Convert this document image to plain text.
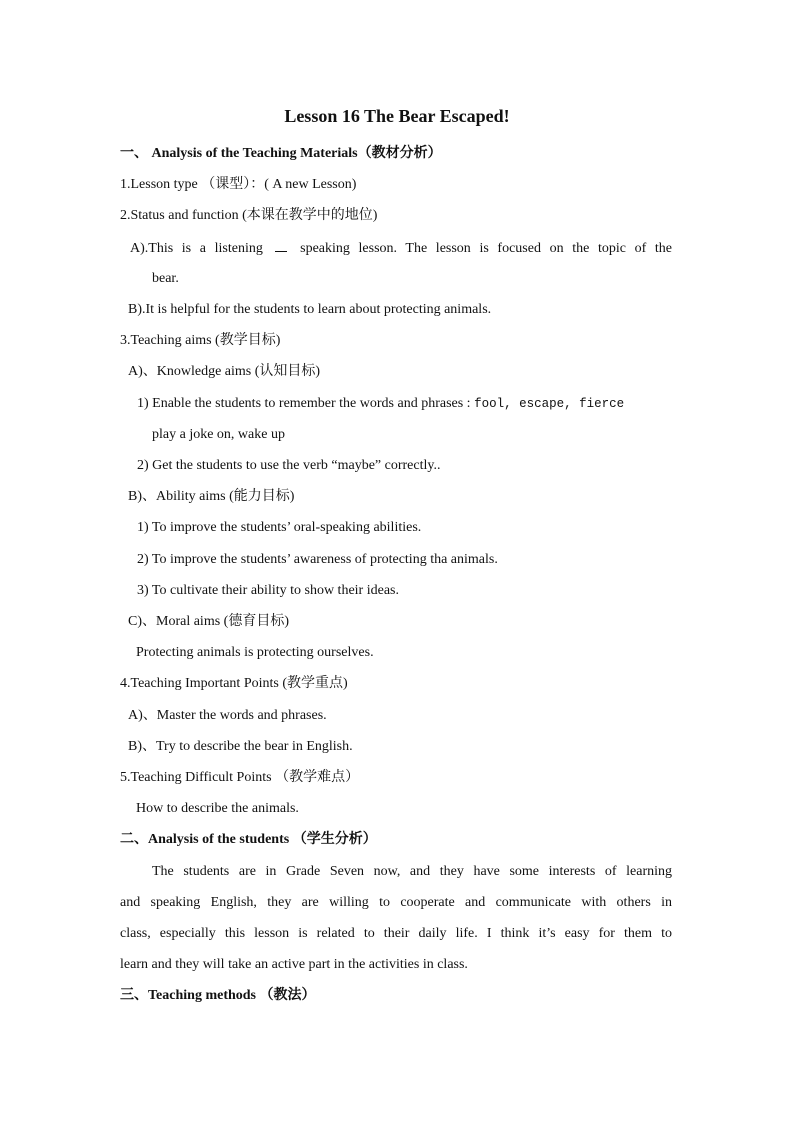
Lesson 16 The Bear Escaped!
一、 Analysis of the Teaching Materials（教材分析）
1.Lesson type （课型）：( A new Lesson)
2.Status and function (本课在教学中的地位)
A).This is a listening	speaking lesson. The lesson is focused on the topic of the
bear.
B).It is helpful for the students to learn about protecting animals.
3.Teaching aims (教学目标)
A)、Knowledge aims (认知目标)
1) Enable the students to remember the words and phrases : fool, escape, fierce
play a joke on, wake up
2) Get the students to use the verb “maybe” correctly..
B)、Ability aims (能力目标)
1) To improve the students’ oral-speaking abilities.
2) To improve the students’ awareness of protecting tha animals.
3) To cultivate their ability to show their ideas.
C)、Moral aims (德育目标)
Protecting animals is protecting ourselves.
4.Teaching Important Points (教学重点)
A)、Master the words and phrases.
B)、Try to describe the bear in English.
5.Teaching Difficult Points （教学难点）
How to describe the animals.
二、Analysis of the students （学生分析）
The students are in Grade Seven now, and they have some interests of learning
and speaking English, they are willing to cooperate and communicate with others in
class, especially this lesson is related to their daily life. I think it’s easy for them to
learn and they will take an active part in the activities in class.
三、Teaching methods （教法）
